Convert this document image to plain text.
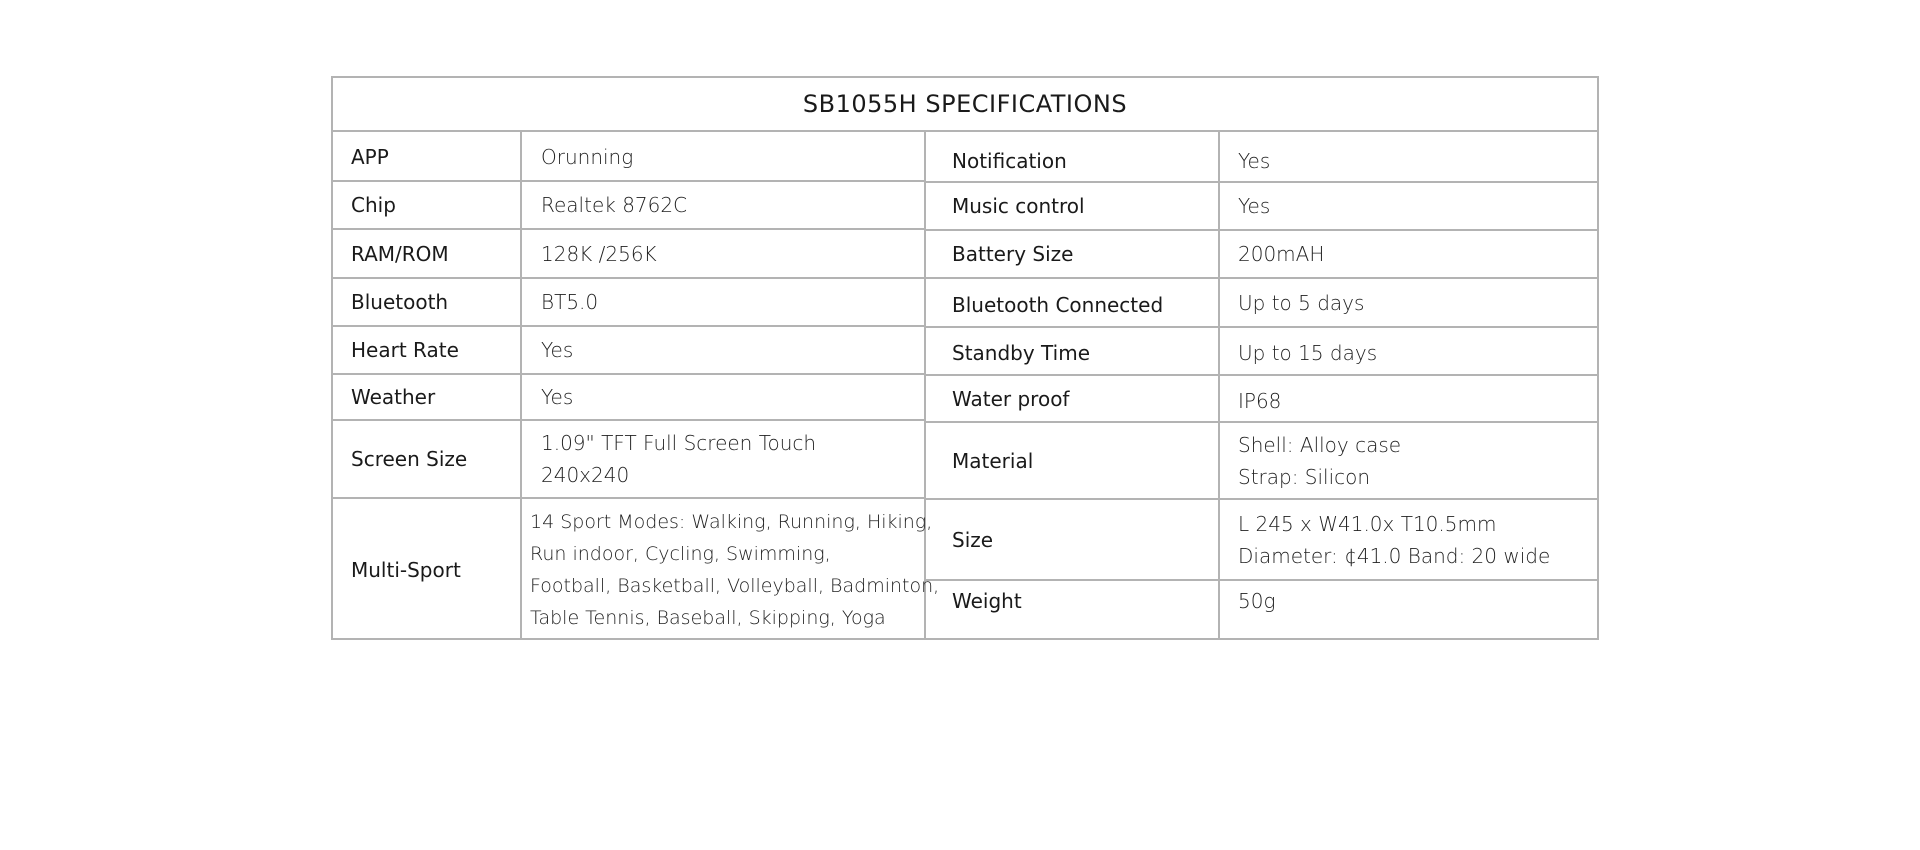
SB1055H SPECIFICATIONS
APP
Chip
RAM/ROM
Bluetooth
Heart Rate
Weather
Screen Size
Multi-Sport
Orunning
Realtek 8762C
128K /256K
BT5.0
Yes
Yes
1.09" TFT Full Screen Touch
240x240
14 Sport Modes: Walking, Running, Hiking,
Run indoor, Cycling, Swimming,
Football, Basketball, Volleyball, Badminton,
Table Tennis, Baseball, Skipping, Yoga
Notification
Music control
Battery Size
Bluetooth Connected
Standby Time
Water proof
Material
Size
Weight
Yes
Yes
200mAH
Up to 5 days
Up to 15 days
IP68
Shell: Alloy case
Strap: Silicon
L 245 x W41.0x T10.5mm
Diameter: ¢41.0 Band: 20 wide
50g
